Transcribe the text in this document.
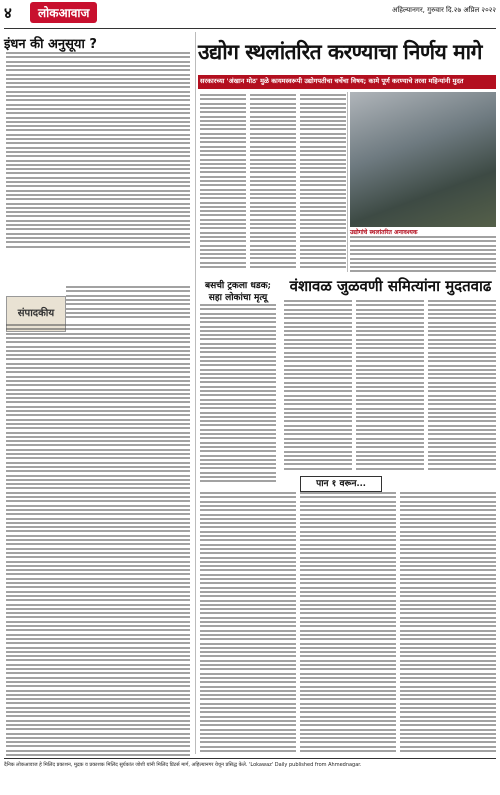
४	लोकआवाज	अहिल्यानगर, गुरुवार दि.२७ अप्रिल २०२२
इंधन की अनुसूया ?
संपादकीय
उद्योग स्थलांतरित करण्याचा निर्णय मागे
सरकारच्या 'अंखान मोठ' मुळे कायमस्वरूपी उद्योगपतीचा चर्चेचा विषय; कामे पूर्ण करण्याचे तरवा महिन्यांनी मुदत
उद्योगांचे स्थलांतरित अनावश्यक
बसची ट्रकला धडक;
सहा लोकांचा मृत्यू
वंशावळ जुळवणी समित्यांना मुदतवाढ
पान १ वरून...
दैनिक लोकआवाज हे मिलिंद प्रकाशन, मुद्रक व प्रकाशक मिलिंद सुर्यकांत जोशी यांनी मिलिंद प्रिंटर्स मार्ग, अहिल्यानगर येथून प्रसिद्ध केले. 'Lokawaz' Daily published from Ahmednagar.
